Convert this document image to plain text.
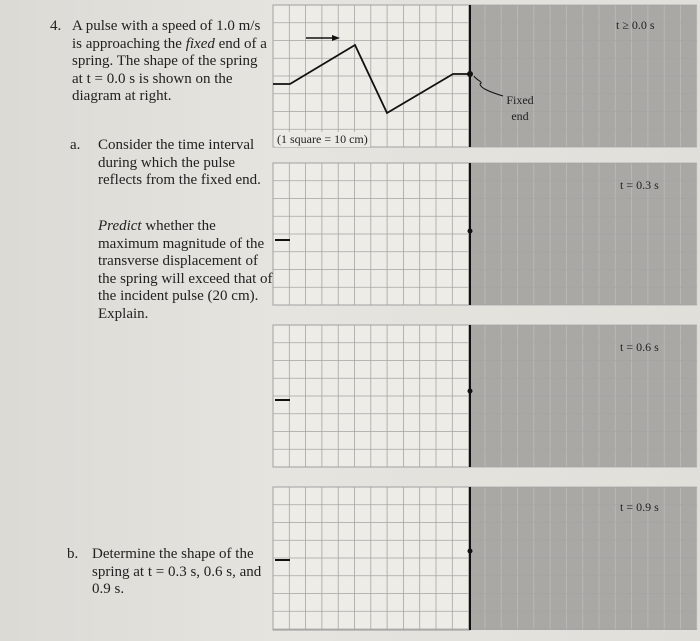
4. A pulse with a speed of 1.0 m/s is approaching the fixed end of a spring. The shape of the spring at t = 0.0 s is shown on the diagram at right.
a. Consider the time interval during which the pulse reflects from the fixed end.
Predict whether the maximum magnitude of the transverse displacement of the spring will exceed that of the incident pulse (20 cm). Explain.
b. Determine the shape of the spring at t = 0.3 s, 0.6 s, and 0.9 s.
(1 square = 10 cm)
Fixed end
t ≥ 0.0 s
t = 0.3 s
t = 0.6 s
t = 0.9 s
